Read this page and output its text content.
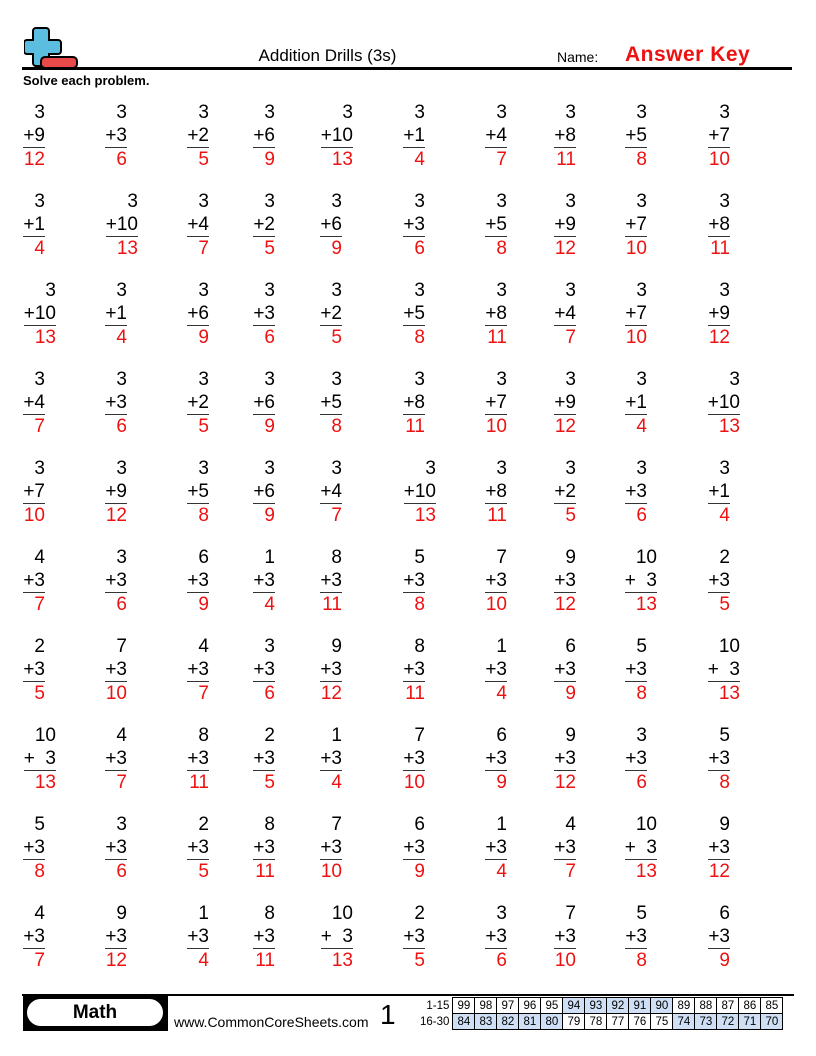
Addition Drills (3s)	Name: Answer Key
Solve each problem.
3
+9
12
3
+3
6
3
+2
5
3
+6
9
3
+10
13
3
+1
4
3
+4
7
3
+8
11
3
+5
8
3
+7
10
3
+1
4
3
+10
13
3
+4
7
3
+2
5
3
+6
9
3
+3
6
3
+5
8
3
+9
12
3
+7
10
3
+8
11
3
+10
13
3
+1
4
3
+6
9
3
+3
6
3
+2
5
3
+5
8
3
+8
11
3
+4
7
3
+7
10
3
+9
12
3
+4
7
3
+3
6
3
+2
5
3
+6
9
3
+5
8
3
+8
11
3
+7
10
3
+9
12
3
+1
4
3
+10
13
3
+7
10
3
+9
12
3
+5
8
3
+6
9
3
+4
7
3
+10
13
3
+8
11
3
+2
5
3
+3
6
3
+1
4
4
+3
7
3
+3
6
6
+3
9
1
+3
4
8
+3
11
5
+3
8
7
+3
10
9
+3
12
10
+  3
13
2
+3
5
2
+3
5
7
+3
10
4
+3
7
3
+3
6
9
+3
12
8
+3
11
1
+3
4
6
+3
9
5
+3
8
10
+  3
13
10
+  3
13
4
+3
7
8
+3
11
2
+3
5
1
+3
4
7
+3
10
6
+3
9
9
+3
12
3
+3
6
5
+3
8
5
+3
8
3
+3
6
2
+3
5
8
+3
11
7
+3
10
6
+3
9
1
+3
4
4
+3
7
10
+  3
13
9
+3
12
4
+3
7
9
+3
12
1
+3
4
8
+3
11
10
+  3
13
2
+3
5
3
+3
6
7
+3
10
5
+3
8
6
+3
9
Math	www.CommonCoreSheets.com 1	1-15	99	98	97	96	95	94	93	92	91	90	89	88	87	86	85
16-30	84	83	82	81	80	79	78	77	76	75	74	73	72	71	70
